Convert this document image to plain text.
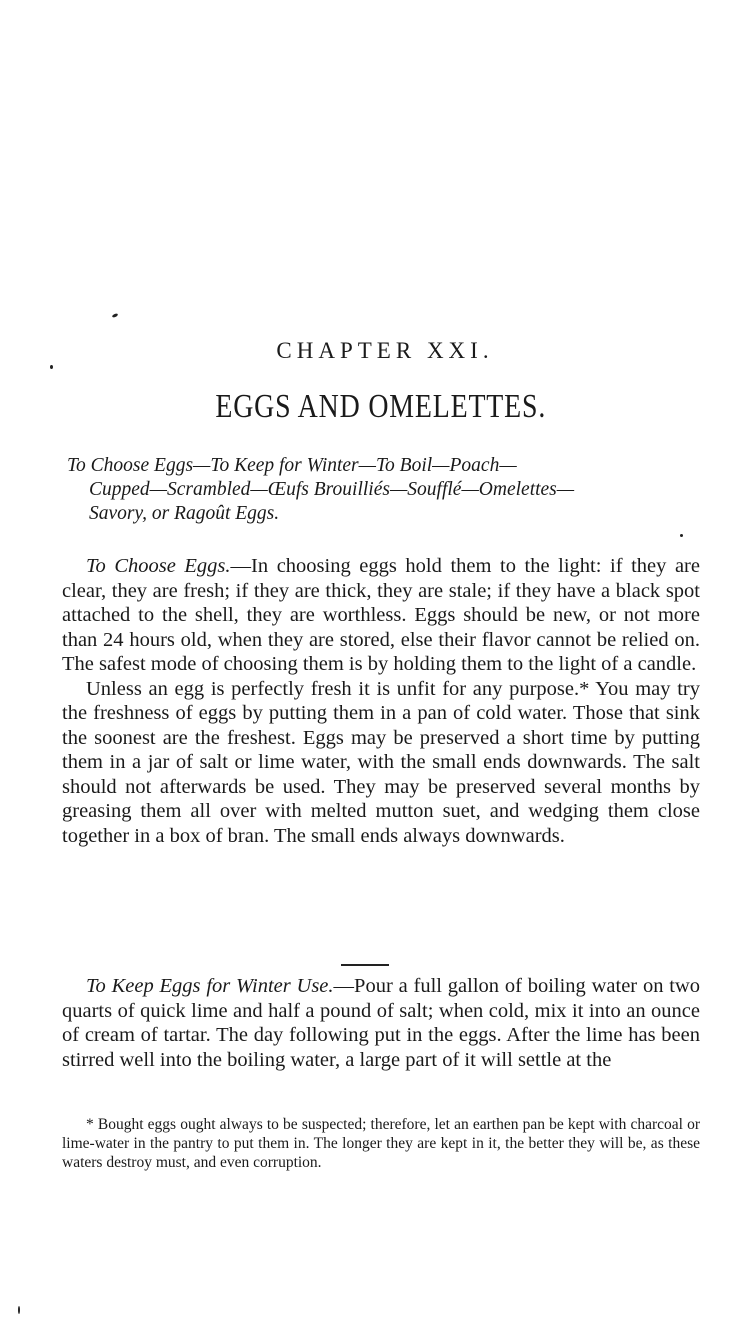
CHAPTER XXI.
EGGS AND OMELETTES.

To Choose Eggs—To Keep for Winter—To Boil—Poach—
Cupped—Scrambled—Œufs Brouilliés—Soufflé—Omelettes—
Savory, or Ragoût Eggs.

To Choose Eggs.—In choosing eggs hold them to the light: if they are clear, they are fresh; if they are thick, they are stale; if they have a black spot attached to the shell, they are worthless. Eggs should be new, or not more than 24 hours old, when they are stored, else their flavor cannot be relied on. The safest mode of choosing them is by holding them to the light of a candle.

Unless an egg is perfectly fresh it is unfit for any purpose.* You may try the freshness of eggs by putting them in a pan of cold water. Those that sink the soonest are the freshest. Eggs may be preserved a short time by putting them in a jar of salt or lime water, with the small ends downwards. The salt should not afterwards be used. They may be preserved several months by greasing them all over with melted mutton suet, and wedging them close together in a box of bran. The small ends always downwards.

To Keep Eggs for Winter Use.—Pour a full gallon of boiling water on two quarts of quick lime and half a pound of salt; when cold, mix it into an ounce of cream of tartar. The day following put in the eggs. After the lime has been stirred well into the boiling water, a large part of it will settle at the

* Bought eggs ought always to be suspected; therefore, let an earthen pan be kept with charcoal or lime-water in the pantry to put them in. The longer they are kept in it, the better they will be, as these waters destroy must, and even corruption.
